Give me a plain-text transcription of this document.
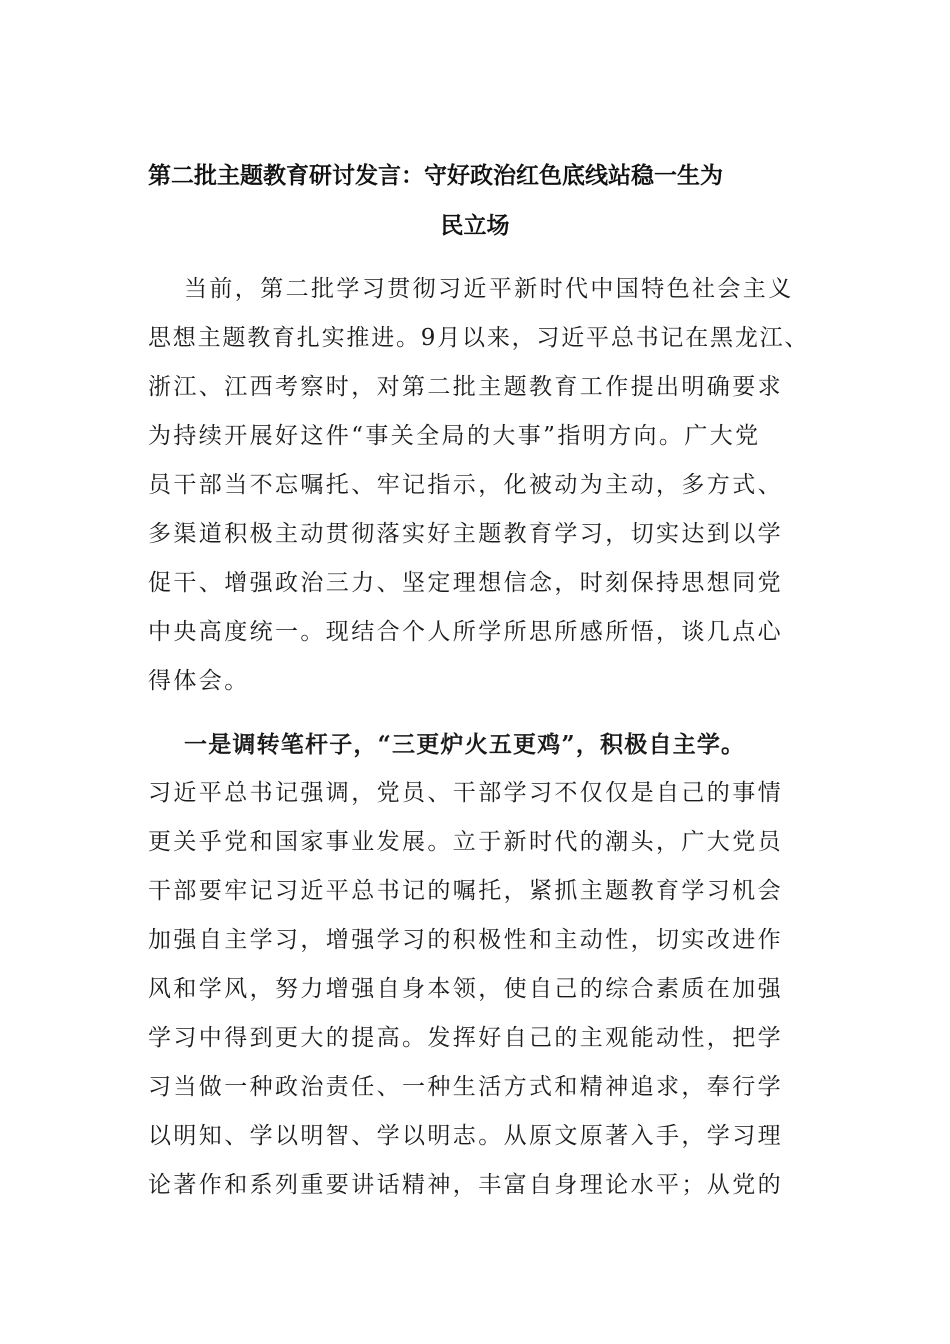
第二批主题教育研讨发言：守好政治红色底线站稳一生为
民立场

当前，第二批学习贯彻习近平新时代中国特色社会主义

思想主题教育扎实推进。9月以来，习近平总书记在黑龙江、

浙江、江西考察时，对第二批主题教育工作提出明确要求

为持续开展好这件“事关全局的大事”指明方向。广大党

员干部当不忘嘱托、牢记指示，化被动为主动，多方式、

多渠道积极主动贯彻落实好主题教育学习，切实达到以学

促干、增强政治三力、坚定理想信念，时刻保持思想同党

中央高度统一。现结合个人所学所思所感所悟，谈几点心

得体会。

一是调转笔杆子，“三更炉火五更鸡”，积极自主学。

习近平总书记强调，党员、干部学习不仅仅是自己的事情

更关乎党和国家事业发展。立于新时代的潮头，广大党员

干部要牢记习近平总书记的嘱托，紧抓主题教育学习机会

加强自主学习，增强学习的积极性和主动性，切实改进作

风和学风，努力增强自身本领，使自己的综合素质在加强

学习中得到更大的提高。发挥好自己的主观能动性，把学

习当做一种政治责任、一种生活方式和精神追求，奉行学

以明知、学以明智、学以明志。从原文原著入手，学习理

论著作和系列重要讲话精神，丰富自身理论水平；从党的
